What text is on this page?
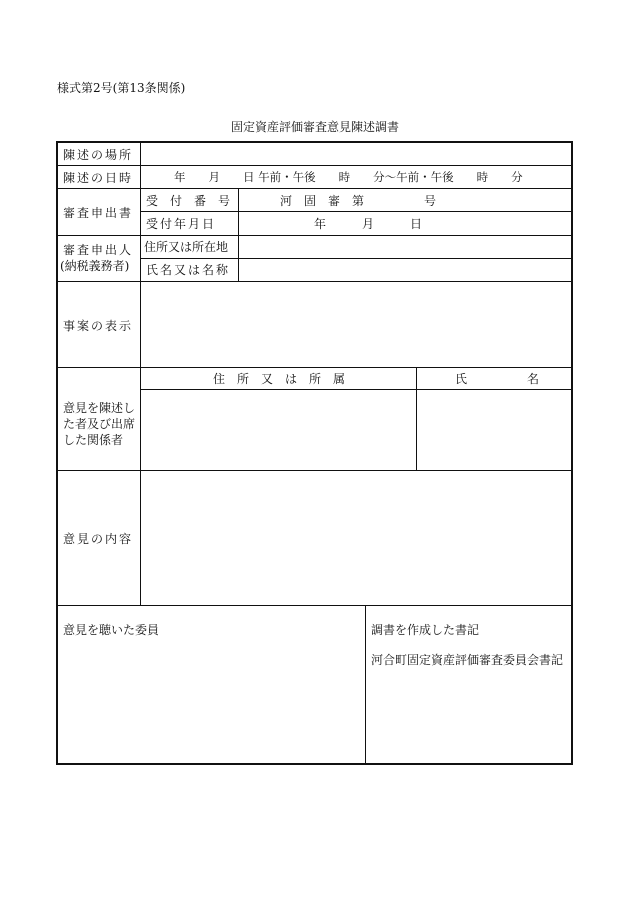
様式第2号(第13条関係)
固定資産評価審査意見陳述調書
陳述の場所
陳述の日時	年　　月　　日 午前・午後　　時　　分〜午前・午後　　時　　分
審査申出書
受　付　番　号	河　固　審　第　　　　　号
受付年月日	年　　　月　　　日
審査申出人
(納税義務者)
住所又は所在地
氏名又は名称
事案の表示
意見を陳述し
た者及び出席
した関係者
住　所　又　は　所　属	氏　　　　　名
意見の内容
意見を聴いた委員	調書を作成した書記
河合町固定資産評価審査委員会書記
